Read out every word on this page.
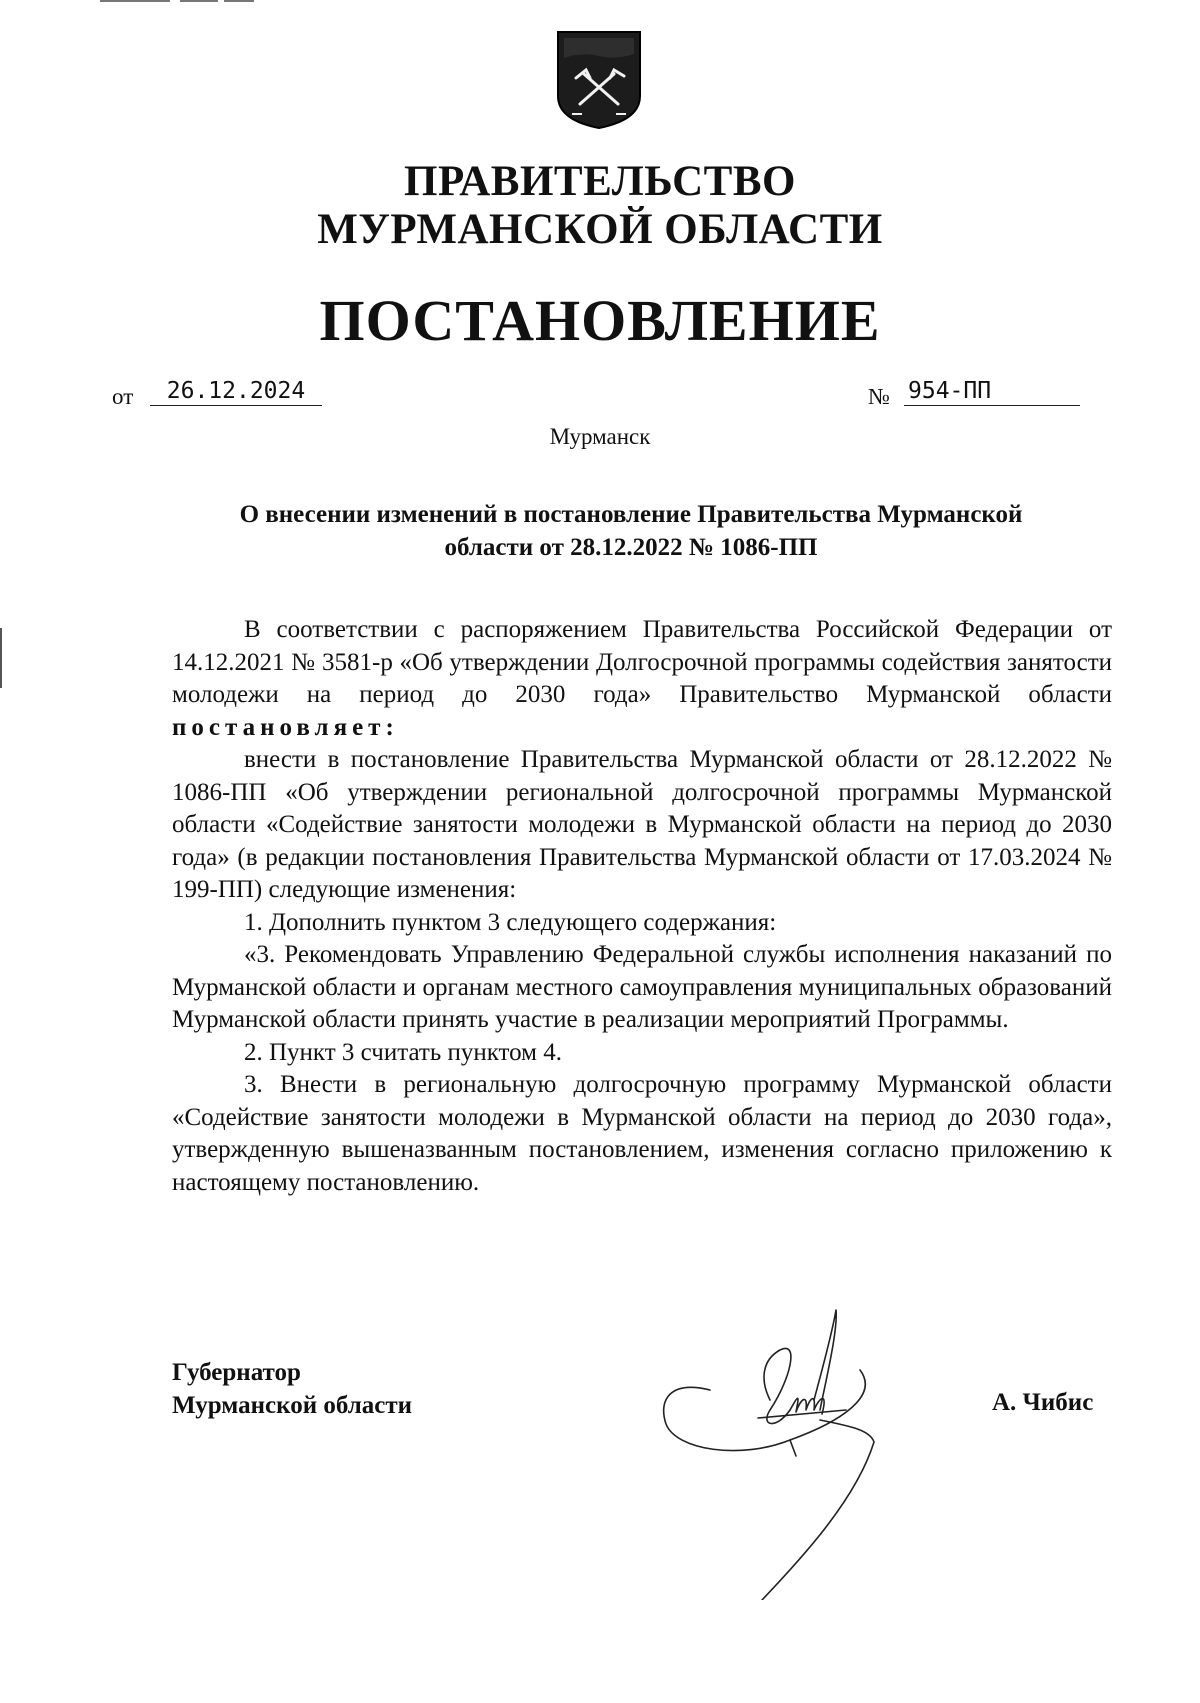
ПРАВИТЕЛЬСТВО
МУРМАНСКОЙ ОБЛАСТИ
ПОСТАНОВЛЕНИЕ
от	26.12.2024	№ 954-ПП
Мурманск
О внесении изменений в постановление Правительства Мурманской
области от 28.12.2022 № 1086-ПП

В соответствии с распоряжением Правительства Российской Федерации от 14.12.2021 № 3581-р «Об утверждении Долгосрочной программы содействия занятости молодежи на период до 2030 года» Правительство Мурманской области постановляет:

внести в постановление Правительства Мурманской области от 28.12.2022 № 1086-ПП «Об утверждении региональной долгосрочной программы Мурманской области «Содействие занятости молодежи в Мурманской области на период до 2030 года» (в редакции постановления Правительства Мурманской области от 17.03.2024 № 199-ПП) следующие изменения:

1. Дополнить пунктом 3 следующего содержания:

«3. Рекомендовать Управлению Федеральной службы исполнения наказаний по Мурманской области и органам местного самоуправления муниципальных образований Мурманской области принять участие в реализации мероприятий Программы.

2. Пункт 3 считать пунктом 4.

3. Внести в региональную долгосрочную программу Мурманской области «Содействие занятости молодежи в Мурманской области на период до 2030 года», утвержденную вышеназванным постановлением, изменения согласно приложению к настоящему постановлению.

Губернатор
Мурманской области	А. Чибис
